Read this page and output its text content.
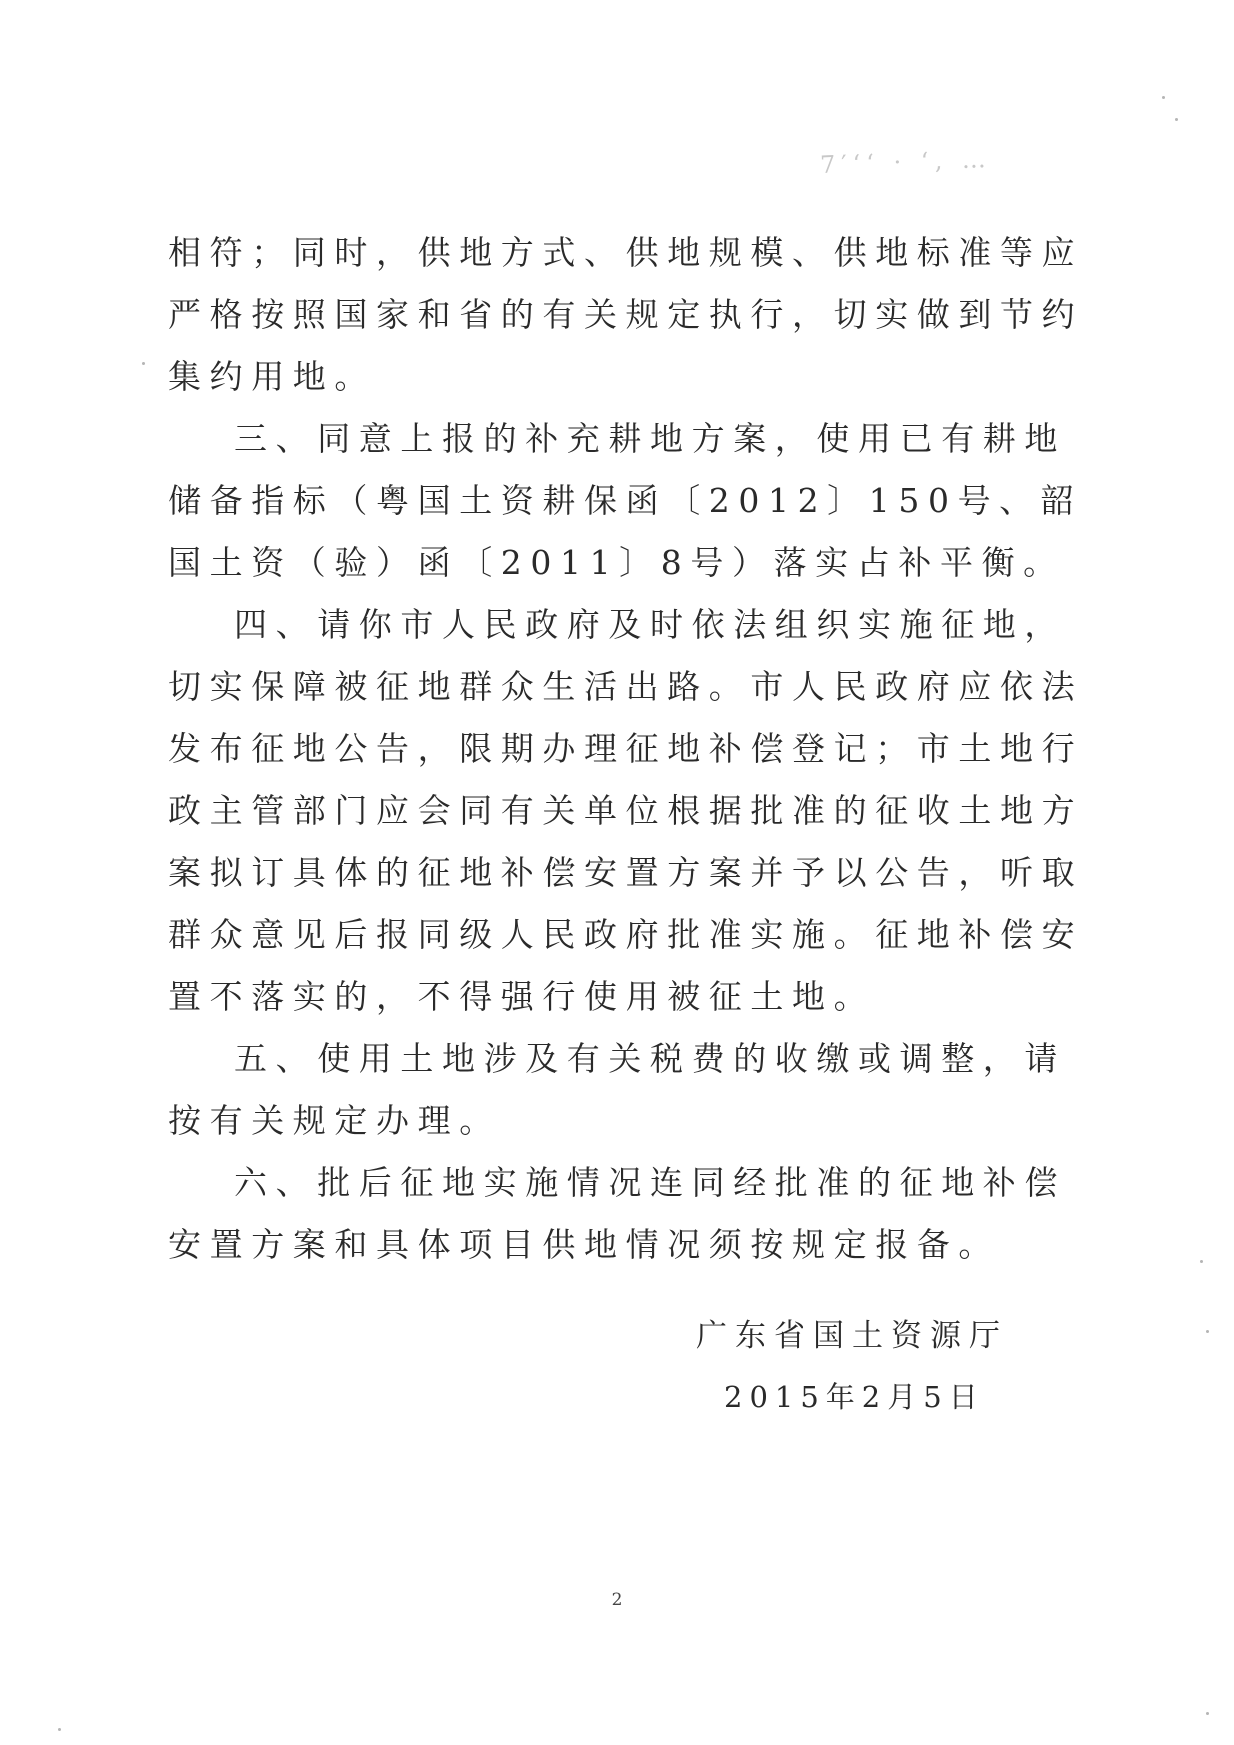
7′ʻ‘ · ʻ‚ …

相符；同时，供地方式、供地规模、供地标准等应严格按照国家和省的有关规定执行，切实做到节约集约用地。

三、同意上报的补充耕地方案，使用已有耕地储备指标（粤国土资耕保函〔2012〕150号、韶国土资（验）函〔2011〕8号）落实占补平衡。

四、请你市人民政府及时依法组织实施征地，切实保障被征地群众生活出路。市人民政府应依法发布征地公告，限期办理征地补偿登记；市土地行政主管部门应会同有关单位根据批准的征收土地方案拟订具体的征地补偿安置方案并予以公告，听取群众意见后报同级人民政府批准实施。征地补偿安置不落实的，不得强行使用被征土地。

五、使用土地涉及有关税费的收缴或调整，请按有关规定办理。

六、批后征地实施情况连同经批准的征地补偿安置方案和具体项目供地情况须按规定报备。

广东省国土资源厅
2015年2月5日
2
